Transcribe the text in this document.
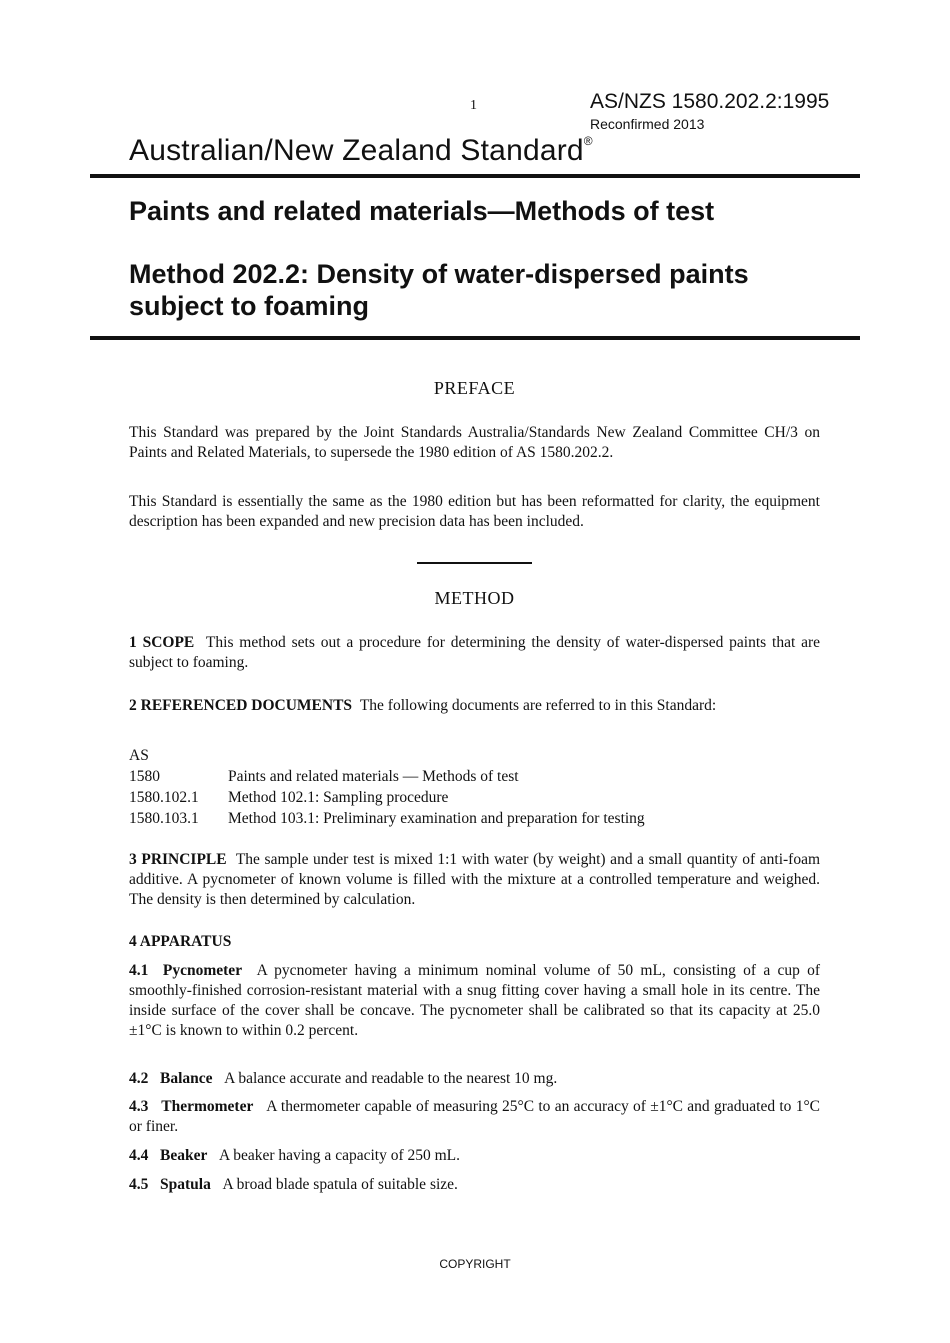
1	AS/NZS 1580.202.2:1995
Reconfirmed 2013
Australian/New Zealand Standard®
Paints and related materials—Methods of test
Method 202.2: Density of water-dispersed paints subject to foaming
PREFACE
This Standard was prepared by the Joint Standards Australia/Standards New Zealand Committee CH/3 on Paints and Related Materials, to supersede the 1980 edition of AS 1580.202.2.
This Standard is essentially the same as the 1980 edition but has been reformatted for clarity, the equipment description has been expanded and new precision data has been included.
METHOD
1 SCOPE This method sets out a procedure for determining the density of water-dispersed paints that are subject to foaming.
2 REFERENCED DOCUMENTS The following documents are referred to in this Standard:
AS
1580	Paints and related materials — Methods of test
1580.102.1	Method 102.1: Sampling procedure
1580.103.1	Method 103.1: Preliminary examination and preparation for testing
3 PRINCIPLE The sample under test is mixed 1:1 with water (by weight) and a small quantity of anti-foam additive. A pycnometer of known volume is filled with the mixture at a controlled temperature and weighed. The density is then determined by calculation.
4 APPARATUS
4.1 Pycnometer A pycnometer having a minimum nominal volume of 50 mL, consisting of a cup of smoothly-finished corrosion-resistant material with a snug fitting cover having a small hole in its centre. The inside surface of the cover shall be concave. The pycnometer shall be calibrated so that its capacity at 25.0 ±1°C is known to within 0.2 percent.
4.2 Balance A balance accurate and readable to the nearest 10 mg.
4.3 Thermometer A thermometer capable of measuring 25°C to an accuracy of ±1°C and graduated to 1°C or finer.
4.4 Beaker A beaker having a capacity of 250 mL.
4.5 Spatula A broad blade spatula of suitable size.
COPYRIGHT
